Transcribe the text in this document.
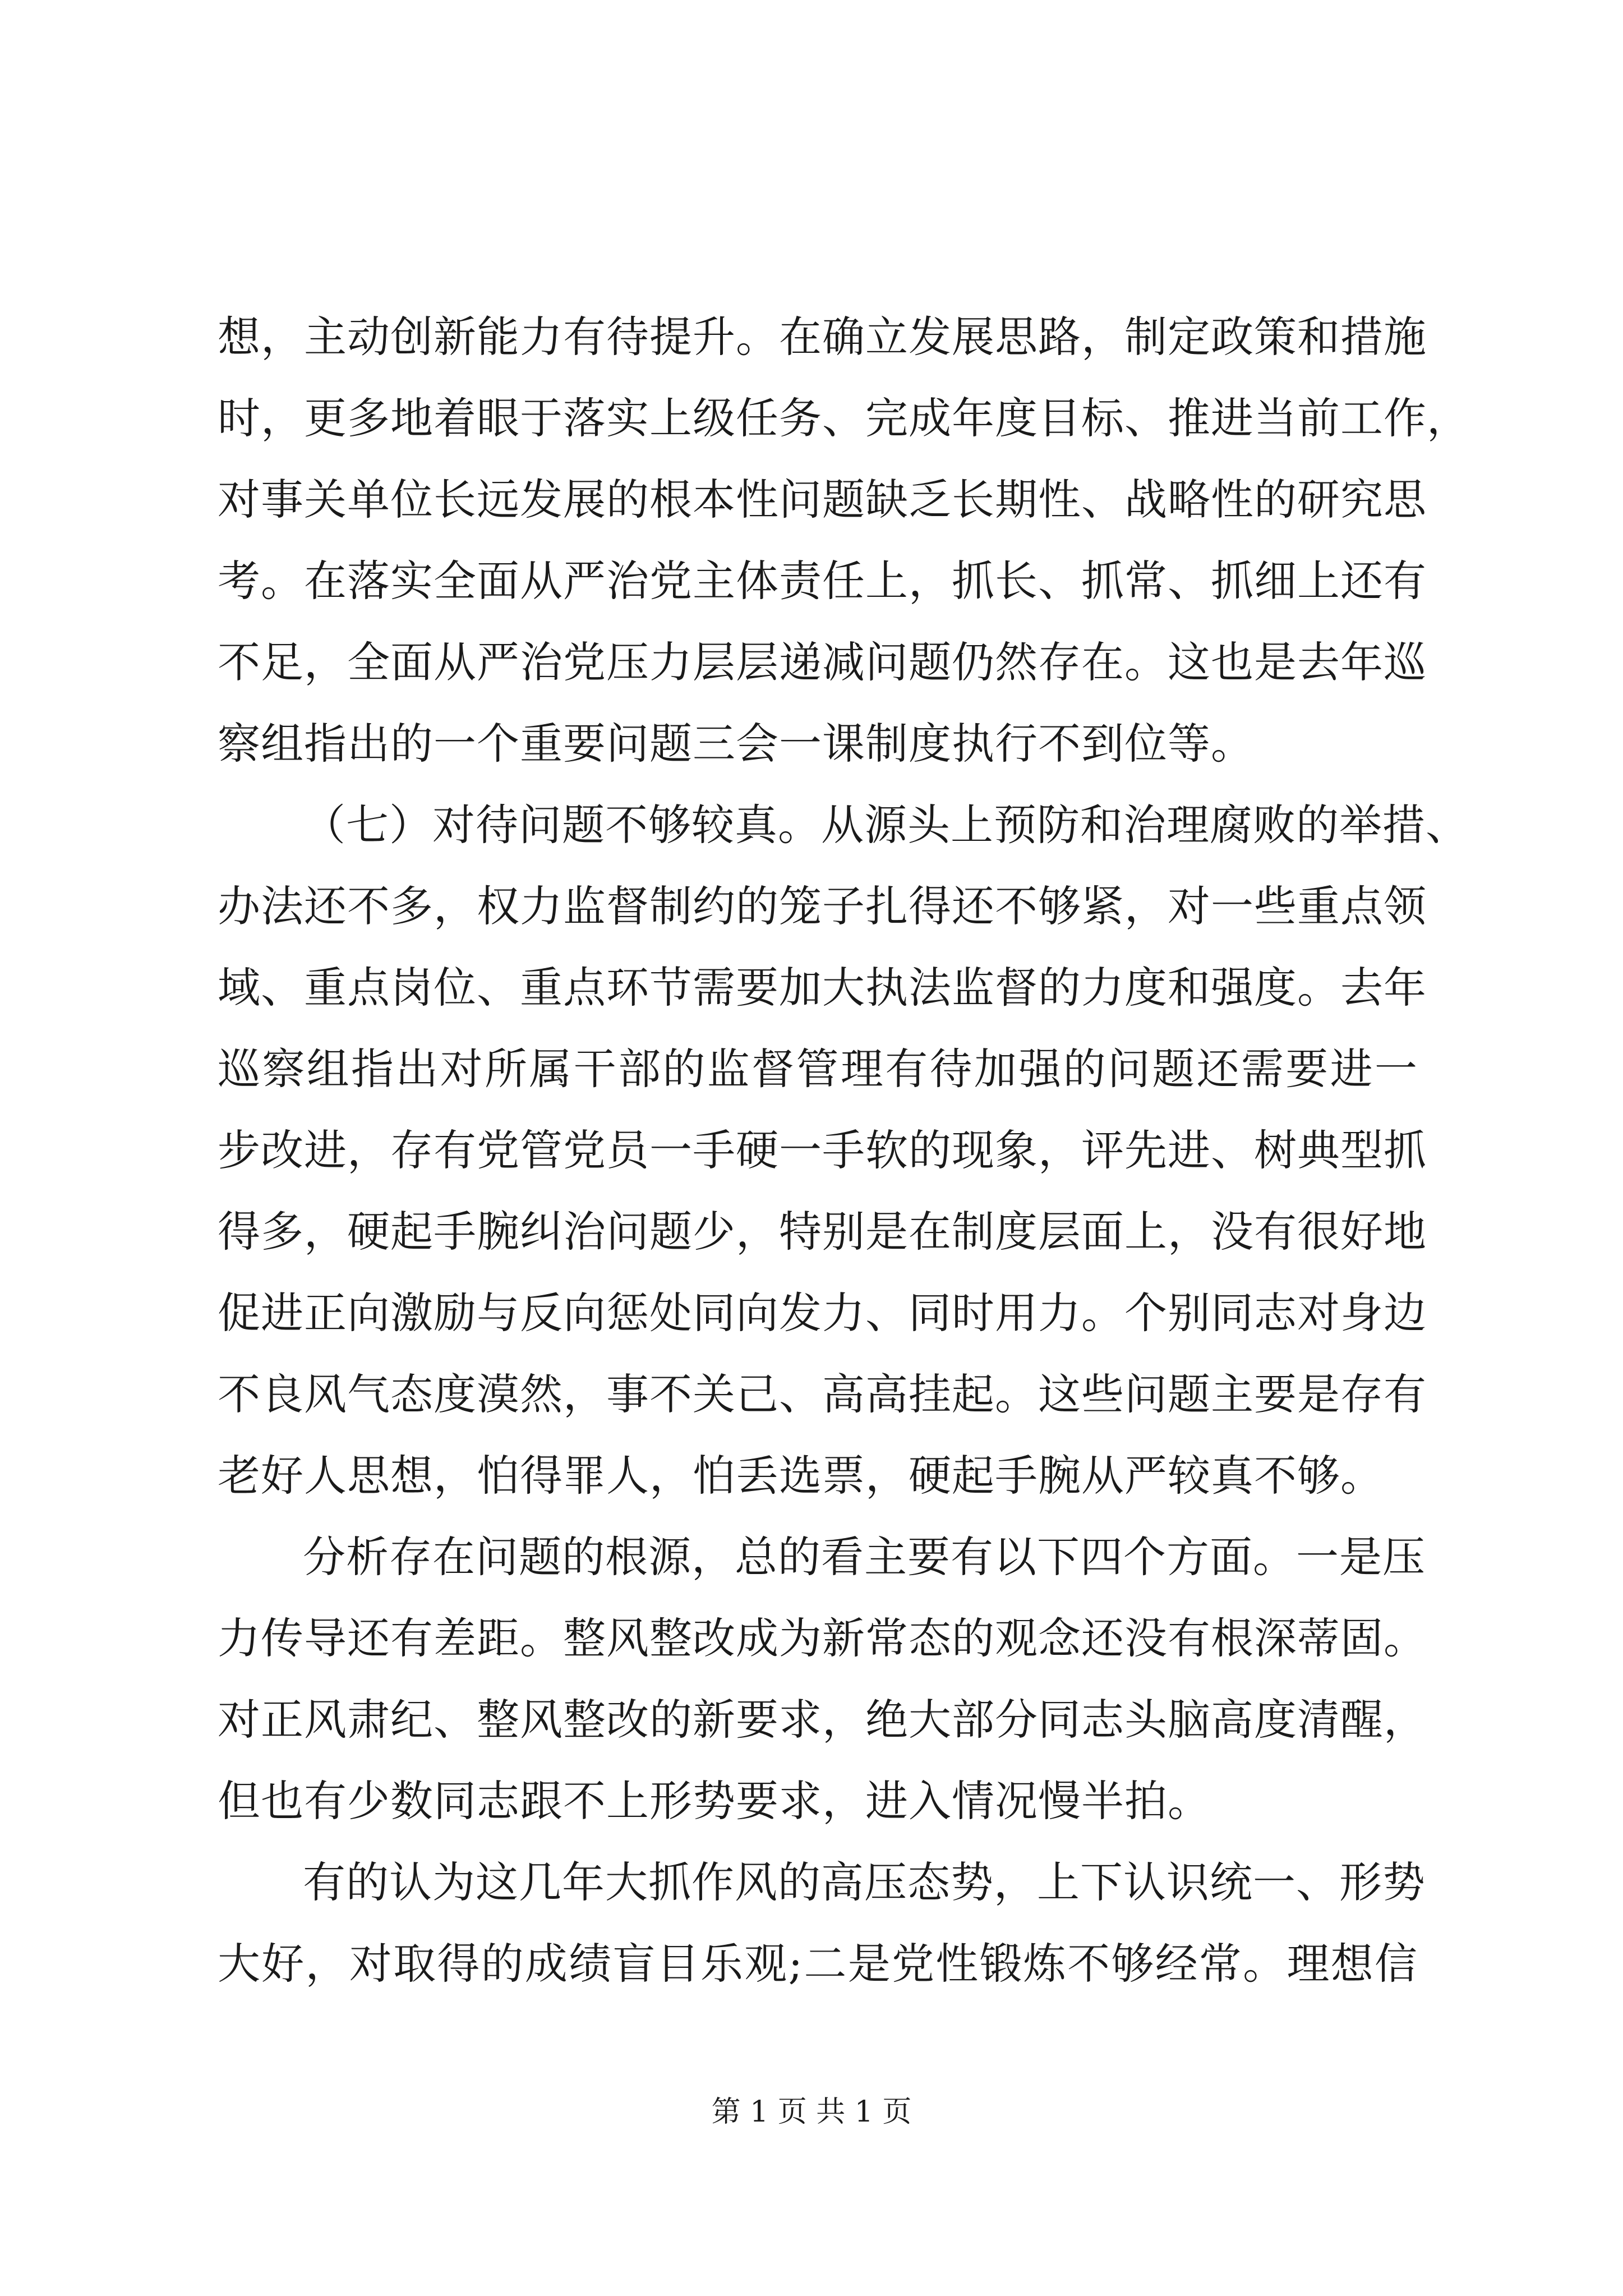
想，主动创新能力有待提升。在确立发展思路，制定政策和措施
时，更多地着眼于落实上级任务、完成年度目标、推进当前工作，
对事关单位长远发展的根本性问题缺乏长期性、战略性的研究思
考。在落实全面从严治党主体责任上，抓长、抓常、抓细上还有
不足，全面从严治党压力层层递减问题仍然存在。这也是去年巡
察组指出的一个重要问题三会一课制度执行不到位等。
（七）对待问题不够较真。从源头上预防和治理腐败的举措、
办法还不多，权力监督制约的笼子扎得还不够紧，对一些重点领
域、重点岗位、重点环节需要加大执法监督的力度和强度。去年
巡察组指出对所属干部的监督管理有待加强的问题还需要进一
步改进，存有党管党员一手硬一手软的现象，评先进、树典型抓
得多，硬起手腕纠治问题少，特别是在制度层面上，没有很好地
促进正向激励与反向惩处同向发力、同时用力。个别同志对身边
不良风气态度漠然，事不关己、高高挂起。这些问题主要是存有
老好人思想，怕得罪人，怕丢选票，硬起手腕从严较真不够。
分析存在问题的根源，总的看主要有以下四个方面。一是压
力传导还有差距。整风整改成为新常态的观念还没有根深蒂固。
对正风肃纪、整风整改的新要求，绝大部分同志头脑高度清醒，
但也有少数同志跟不上形势要求，进入情况慢半拍。
有的认为这几年大抓作风的高压态势，上下认识统一、形势
大好，对取得的成绩盲目乐观;二是党性锻炼不够经常。理想信
第 1 页 共 1 页
